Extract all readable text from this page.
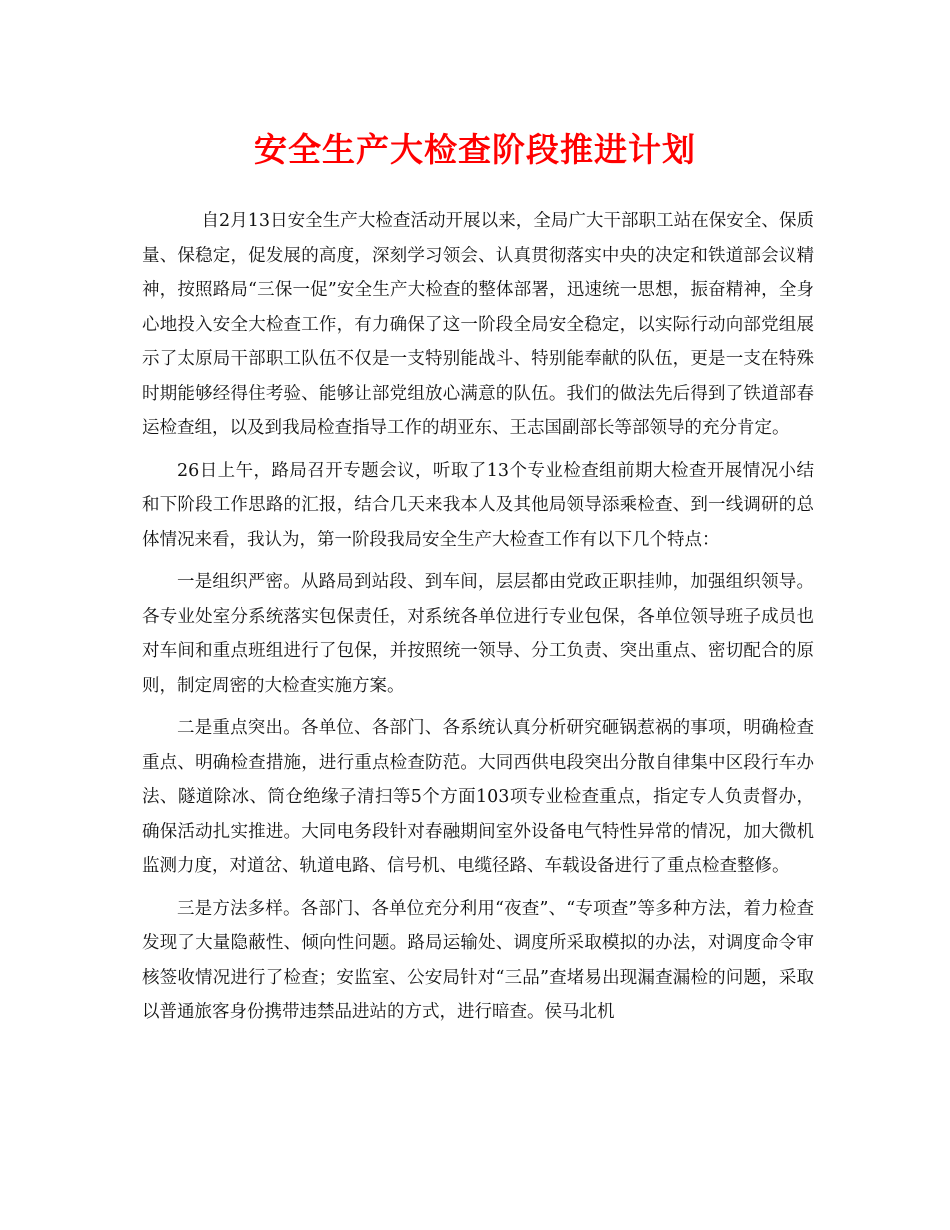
安全生产大检查阶段推进计划

自2月13日安全生产大检查活动开展以来，全局广大干部职工站在保安全、保质量、保稳定，促发展的高度，深刻学习领会、认真贯彻落实中央的决定和铁道部会议精神，按照路局“三保一促”安全生产大检查的整体部署，迅速统一思想，振奋精神，全身心地投入安全大检查工作，有力确保了这一阶段全局安全稳定，以实际行动向部党组展示了太原局干部职工队伍不仅是一支特别能战斗、特别能奉献的队伍，更是一支在特殊时期能够经得住考验、能够让部党组放心满意的队伍。我们的做法先后得到了铁道部春运检查组，以及到我局检查指导工作的胡亚东、王志国副部长等部领导的充分肯定。

26日上午，路局召开专题会议，听取了13个专业检查组前期大检查开展情况小结和下阶段工作思路的汇报，结合几天来我本人及其他局领导添乘检查、到一线调研的总体情况来看，我认为，第一阶段我局安全生产大检查工作有以下几个特点：

一是组织严密。从路局到站段、到车间，层层都由党政正职挂帅，加强组织领导。各专业处室分系统落实包保责任，对系统各单位进行专业包保，各单位领导班子成员也对车间和重点班组进行了包保，并按照统一领导、分工负责、突出重点、密切配合的原则，制定周密的大检查实施方案。

二是重点突出。各单位、各部门、各系统认真分析研究砸锅惹祸的事项，明确检查重点、明确检查措施，进行重点检查防范。大同西供电段突出分散自律集中区段行车办法、隧道除冰、筒仓绝缘子清扫等5个方面103项专业检查重点，指定专人负责督办，确保活动扎实推进。大同电务段针对春融期间室外设备电气特性异常的情况，加大微机监测力度，对道岔、轨道电路、信号机、电缆径路、车载设备进行了重点检查整修。

三是方法多样。各部门、各单位充分利用“夜查”、“专项查”等多种方法，着力检查发现了大量隐蔽性、倾向性问题。路局运输处、调度所采取模拟的办法，对调度命令审核签收情况进行了检查；安监室、公安局针对“三品”查堵易出现漏查漏检的问题，采取以普通旅客身份携带违禁品进站的方式，进行暗查。侯马北机
